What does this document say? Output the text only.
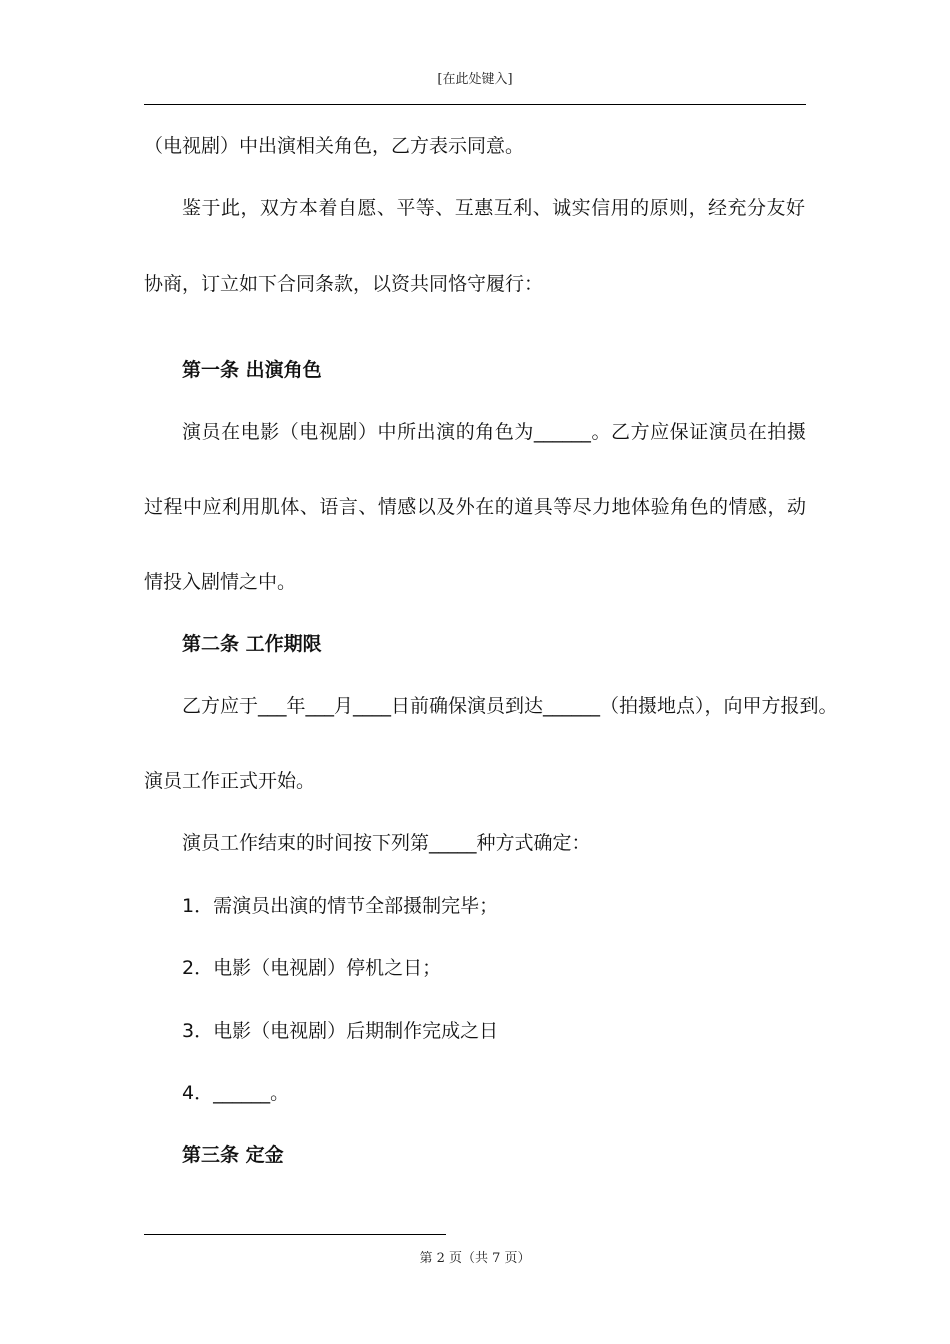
[在此处键入]
（电视剧）中出演相关角色，乙方表示同意。
鉴于此，双方本着自愿、平等、互惠互利、诚实信用的原则，经充分友好
协商，订立如下合同条款，以资共同恪守履行：
第一条 出演角色
演员在电影（电视剧）中所出演的角色为______。乙方应保证演员在拍摄
过程中应利用肌体、语言、情感以及外在的道具等尽力地体验角色的情感，动
情投入剧情之中。
第二条 工作期限
乙方应于___年___月____日前确保演员到达______（拍摄地点），向甲方报到。
演员工作正式开始。
演员工作结束的时间按下列第_____种方式确定：
1．需演员出演的情节全部摄制完毕；
2．电影（电视剧）停机之日；
3．电影（电视剧）后期制作完成之日
4．______。
第三条 定金
第 2 页（共 7 页）
